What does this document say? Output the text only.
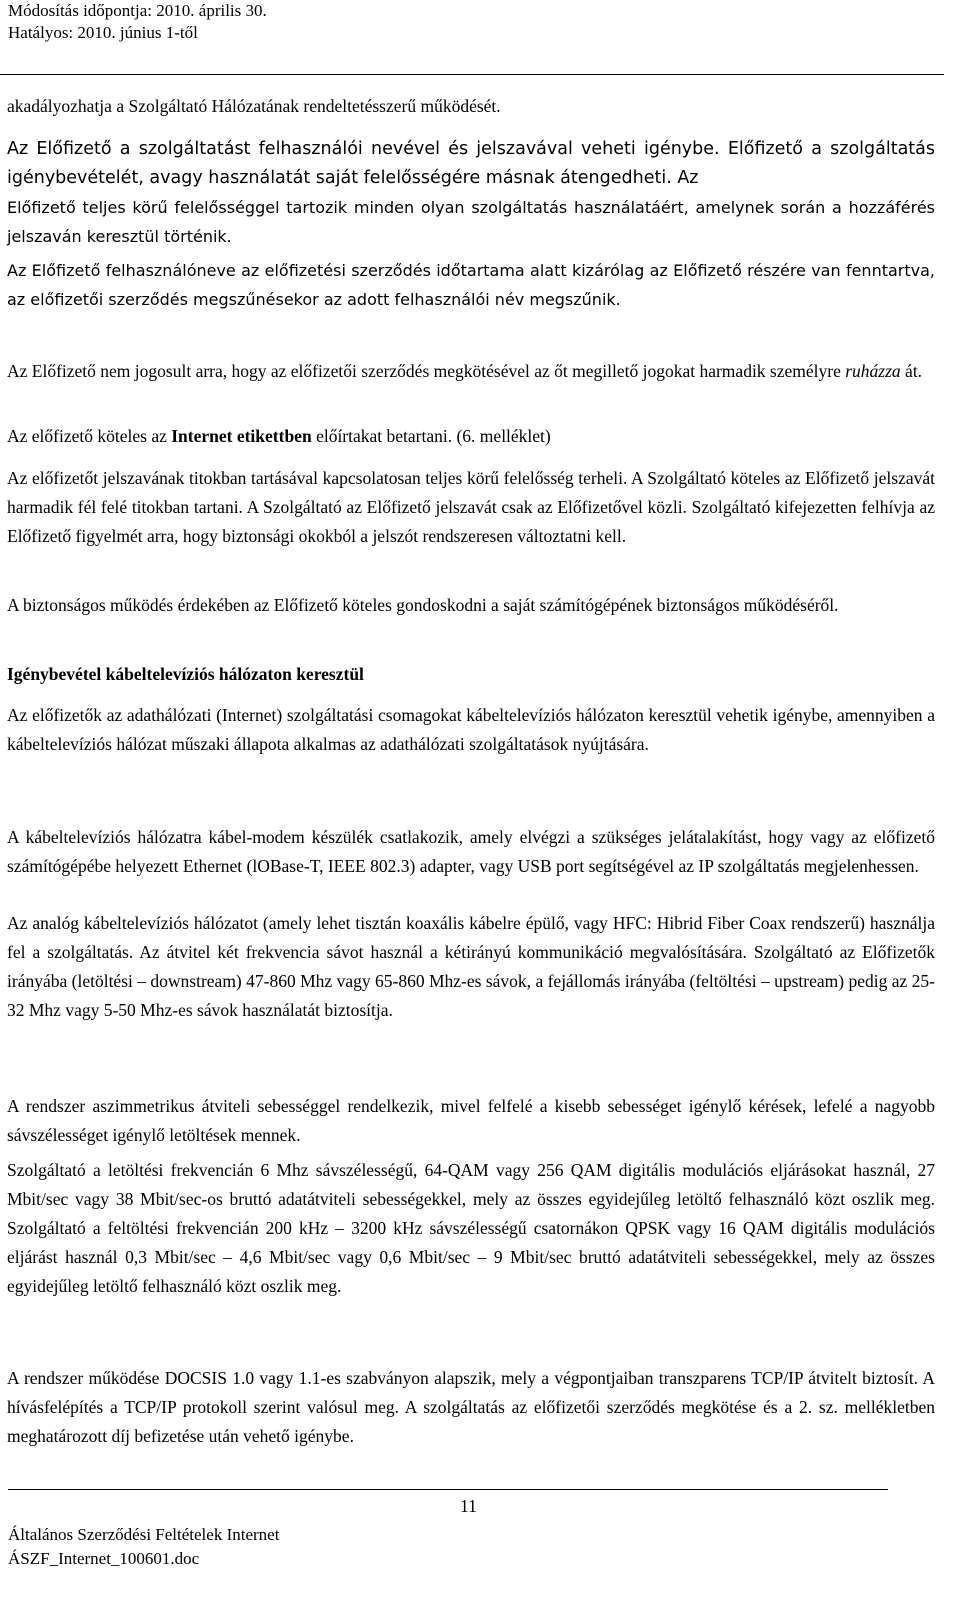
Módosítás időpontja: 2010. április 30.
Hatályos: 2010. június 1-től
akadályozhatja a Szolgáltató Hálózatának rendeltetésszerű működését.
Az Előfizető a szolgáltatást felhasználói nevével és jelszavával veheti igénybe. Előfizető a szolgáltatás igénybevételét, avagy használatát saját felelősségére másnak átengedheti. Az
Előfizető teljes körű felelősséggel tartozik minden olyan szolgáltatás használatáért, amelynek során a hozzáférés jelszaván keresztül történik.
Az Előfizető felhasználóneve az előfizetési szerződés időtartama alatt kizárólag az Előfizető részére van fenntartva, az előfizetői szerződés megszűnésekor az adott felhasználói név megszűnik.
Az Előfizető nem jogosult arra, hogy az előfizetői szerződés megkötésével az őt megillető jogokat harmadik személyre ruházza át.
Az előfizető köteles az Internet etikettben előírtakat betartani. (6. melléklet)
Az előfizetőt jelszavának titokban tartásával kapcsolatosan teljes körű felelősség terheli. A Szolgáltató köteles az Előfizető jelszavát harmadik fél felé titokban tartani. A Szolgáltató az Előfizető jelszavát csak az Előfizetővel közli. Szolgáltató kifejezetten felhívja az Előfizető figyelmét arra, hogy biztonsági okokból a jelszót rendszeresen változtatni kell.
A biztonságos működés érdekében az Előfizető köteles gondoskodni a saját számítógépének biztonságos működéséről.
Igénybevétel kábeltelevíziós hálózaton keresztül
Az előfizetők az adathálózati (Internet) szolgáltatási csomagokat kábeltelevíziós hálózaton keresztül vehetik igénybe, amennyiben a kábeltelevíziós hálózat műszaki állapota alkalmas az adathálózati szolgáltatások nyújtására.
A kábeltelevíziós hálózatra kábel-modem készülék csatlakozik, amely elvégzi a szükséges jelátalakítást, hogy vagy az előfizető számítógépébe helyezett Ethernet (lOBase-T, IEEE 802.3) adapter, vagy USB port segítségével az IP szolgáltatás megjelenhessen.
Az analóg kábeltelevíziós hálózatot (amely lehet tisztán koaxális kábelre épülő, vagy HFC: Hibrid Fiber Coax rendszerű) használja fel a szolgáltatás. Az átvitel két frekvencia sávot használ a kétirányú kommunikáció megvalósítására. Szolgáltató az Előfizetők irányába (letöltési – downstream) 47-860 Mhz vagy 65-860 Mhz-es sávok, a fejállomás irányába (feltöltési – upstream) pedig az 25-32 Mhz vagy 5-50 Mhz-es sávok használatát biztosítja.
A rendszer aszimmetrikus átviteli sebességgel rendelkezik, mivel felfelé a kisebb sebességet igénylő kérések, lefelé a nagyobb sávszélességet igénylő letöltések mennek.
Szolgáltató a letöltési frekvencián 6 Mhz sávszélességű, 64-QAM vagy 256 QAM digitális modulációs eljárásokat használ, 27 Mbit/sec vagy 38 Mbit/sec-os bruttó adatátviteli sebességekkel, mely az összes egyidejűleg letöltő felhasználó közt oszlik meg. Szolgáltató a feltöltési frekvencián 200 kHz – 3200 kHz sávszélességű csatornákon QPSK vagy 16 QAM digitális modulációs eljárást használ 0,3 Mbit/sec – 4,6 Mbit/sec vagy 0,6 Mbit/sec – 9 Mbit/sec bruttó adatátviteli sebességekkel, mely az összes egyidejűleg letöltő felhasználó közt oszlik meg.
A rendszer működése DOCSIS 1.0 vagy 1.1-es szabványon alapszik, mely a végpontjaiban transzparens TCP/IP átvitelt biztosít. A hívásfelépítés a TCP/IP protokoll szerint valósul meg. A szolgáltatás az előfizetői szerződés megkötése és a 2. sz. mellékletben meghatározott díj befizetése után vehető igénybe.
11
Általános Szerződési Feltételek Internet
ÁSZF_Internet_100601.doc
